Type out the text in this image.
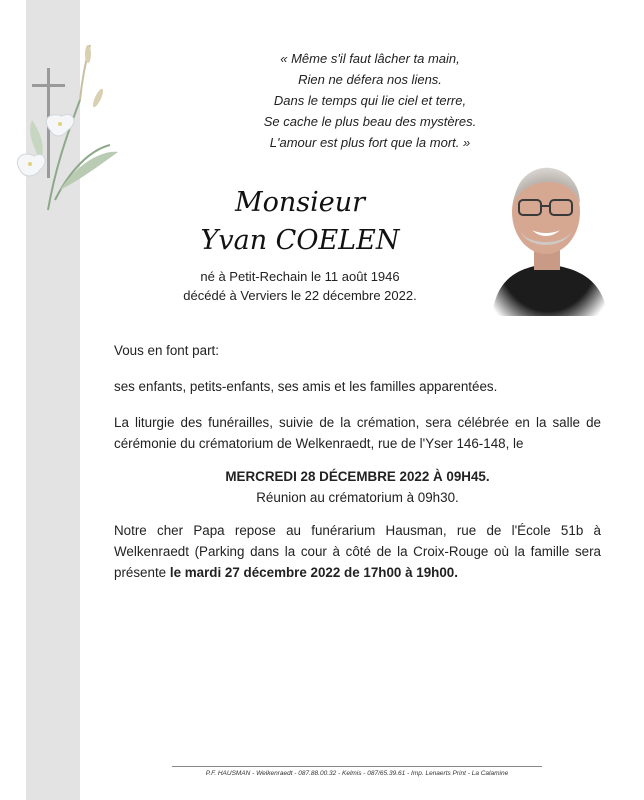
« Même s'il faut lâcher ta main,
Rien ne défera nos liens.
Dans le temps qui lie ciel et terre,
Se cache le plus beau des mystères.
L'amour est plus fort que la mort. »
Monsieur
Yvan COELEN
né à Petit-Rechain le 11 août 1946
décédé à Verviers le 22 décembre 2022.

Vous en font part:

ses enfants, petits-enfants, ses amis et les familles apparentées.

La liturgie des funérailles, suivie de la crémation, sera célébrée en la salle de cérémonie du crématorium de Welkenraedt, rue de l'Yser 146-148, le

MERCREDI 28 DÉCEMBRE 2022 À 09H45.

Réunion au crématorium à 09h30.

Notre cher Papa repose au funérarium Hausman, rue de l'École 51b à Welkenraedt (Parking dans la cour à côté de la Croix-Rouge où la famille sera présente le mardi 27 décembre 2022 de 17h00 à 19h00.

P.F. HAUSMAN - Welkenraedt - 087.88.00.32 - Kelmis - 087/65.39.61 - Imp. Lenaerts Print - La Calamine
